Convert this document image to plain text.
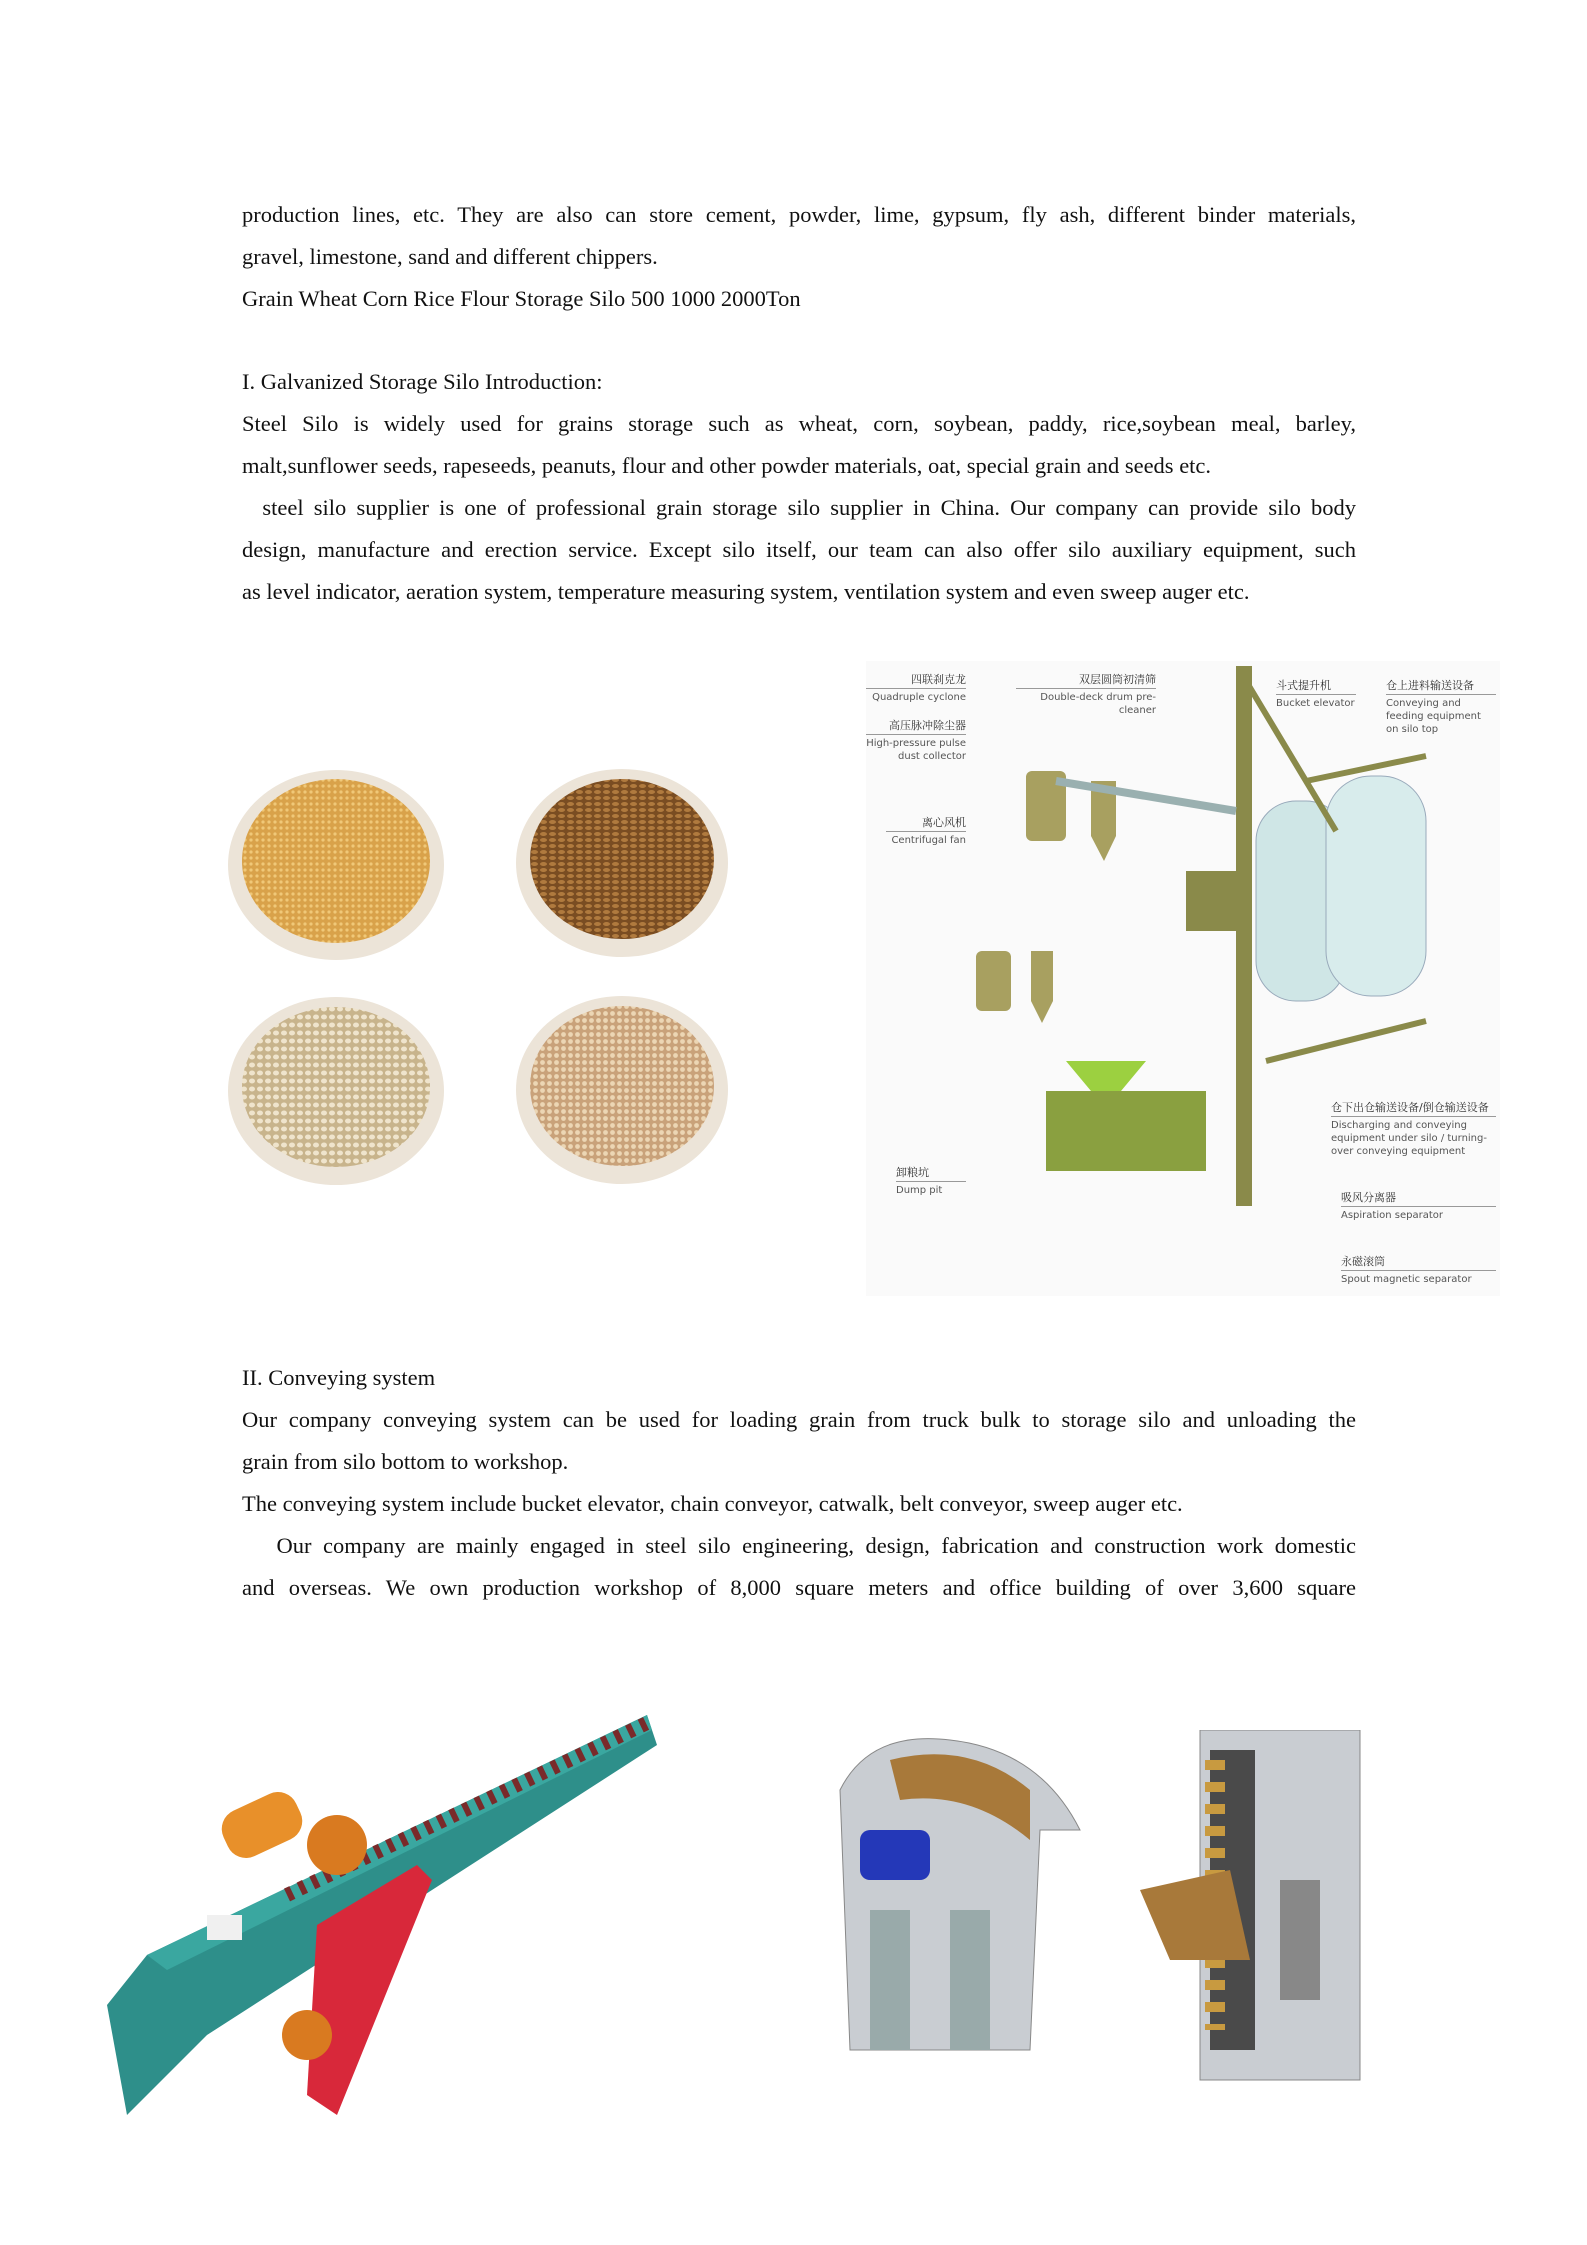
production lines, etc. They are also can store cement, powder, lime, gypsum, fly ash, different binder materials,
gravel, limestone, sand and different chippers.
Grain Wheat Corn Rice Flour Storage Silo 500 1000 2000Ton
I. Galvanized Storage Silo Introduction:
Steel Silo is widely used for grains storage such as wheat, corn, soybean, paddy, rice,soybean meal, barley,
malt,sunflower seeds, rapeseeds, peanuts, flour and other powder materials, oat, special grain and seeds etc.
steel silo supplier is one of professional grain storage silo supplier in China. Our company can provide silo body
design, manufacture and erection service. Except silo itself, our team can also offer silo auxiliary equipment, such
as level indicator, aeration system, temperature measuring system, ventilation system and even sweep auger etc.
四联刹克龙
Quadruple cyclone
高压脉冲除尘器
High-pressure pulse dust collector
离心风机
Centrifugal fan
双层圆筒初清筛
Double-deck drum pre-cleaner
斗式提升机
Bucket elevator
仓上进料输送设备
Conveying and feeding equipment on silo top
仓下出仓输送设备/倒仓输送设备
Discharging and conveying equipment under silo / turning-over conveying equipment
吸风分离器
Aspiration separator
永磁滚筒
Spout magnetic separator
卸粮坑
Dump pit
II. Conveying system
Our company conveying system can be used for loading grain from truck bulk to storage silo and unloading the
grain from silo bottom to workshop.
The conveying system include bucket elevator, chain conveyor, catwalk, belt conveyor, sweep auger etc.
Our company are mainly engaged in steel silo engineering, design, fabrication and construction work domestic
and overseas. We own production workshop of 8,000 square meters and office building of over 3,600 square
